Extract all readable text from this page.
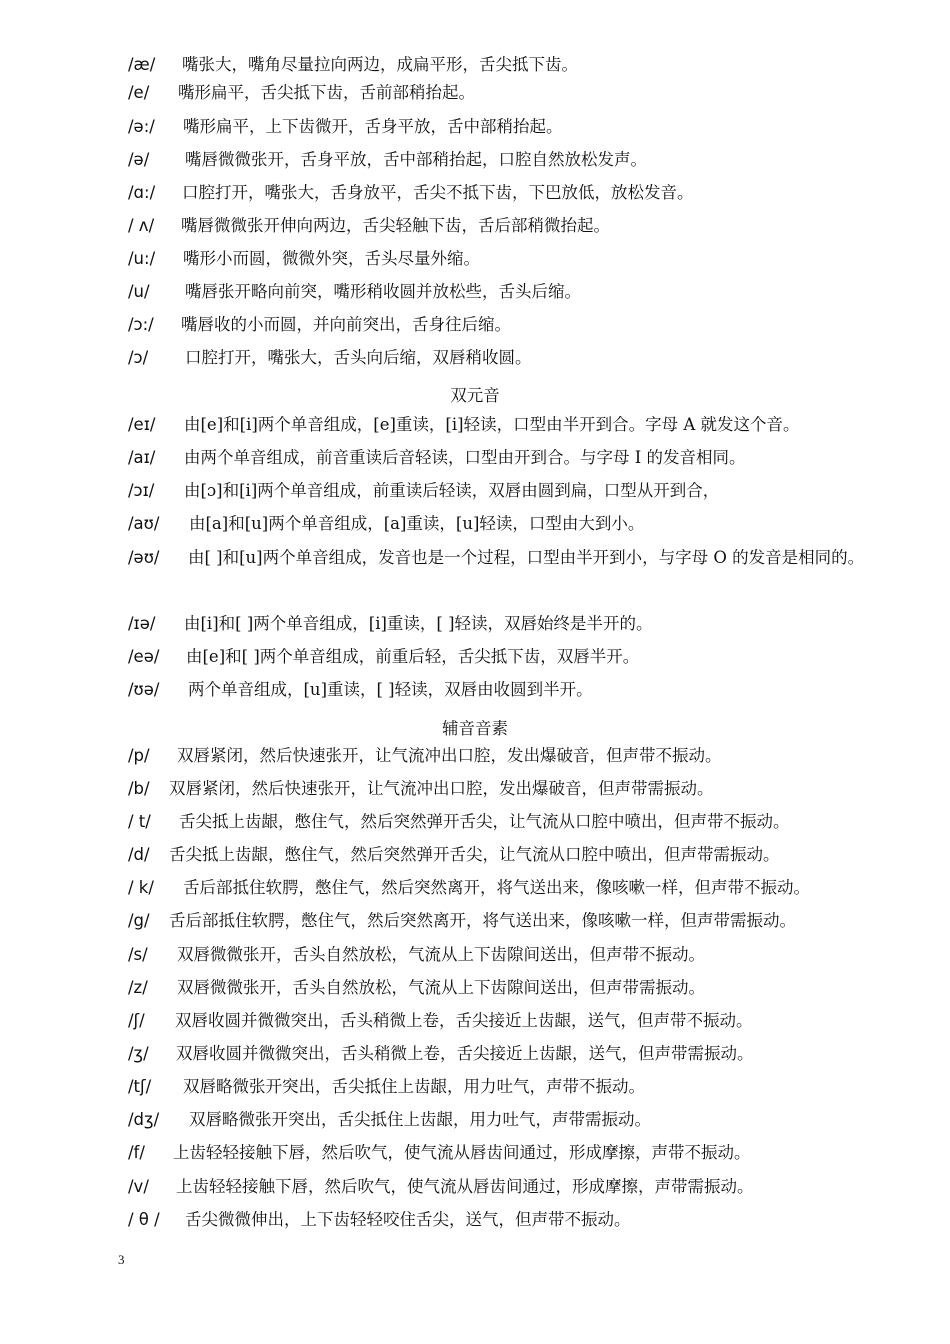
/æ/ 嘴张大，嘴角尽量拉向两边，成扁平形，舌尖抵下齿。
/e/ 嘴形扁平，舌尖抵下齿，舌前部稍抬起。
/ə:/ 嘴形扁平，上下齿微开，舌身平放，舌中部稍抬起。
/ə/ 嘴唇微微张开，舌身平放，舌中部稍抬起，口腔自然放松发声。
/ɑ:/ 口腔打开，嘴张大，舌身放平，舌尖不抵下齿，下巴放低，放松发音。
/ ʌ/ 嘴唇微微张开伸向两边，舌尖轻触下齿，舌后部稍微抬起。
/u:/ 嘴形小而圆，微微外突，舌头尽量外缩。
/u/ 嘴唇张开略向前突，嘴形稍收圆并放松些，舌头后缩。
/ɔ:/ 嘴唇收的小而圆，并向前突出，舌身往后缩。
/ɔ/ 口腔打开，嘴张大，舌头向后缩，双唇稍收圆。
双元音
/eɪ/ 由[e]和[i]两个单音组成，[e]重读，[i]轻读，口型由半开到合。字母 A 就发这个音。
/aɪ/ 由两个单音组成，前音重读后音轻读，口型由开到合。与字母 I 的发音相同。
/ɔɪ/ 由[ɔ]和[i]两个单音组成，前重读后轻读，双唇由圆到扁，口型从开到合，
/aʊ/ 由[a]和[u]两个单音组成，[a]重读，[u]轻读，口型由大到小。
/əʊ/ 由[ ]和[u]两个单音组成，发音也是一个过程，口型由半开到小，与字母 O 的发音是相同的。
/ɪə/ 由[i]和[ ]两个单音组成，[i]重读，[ ]轻读，双唇始终是半开的。
/eə/ 由[e]和[ ]两个单音组成，前重后轻，舌尖抵下齿，双唇半开。
/ʊə/ 两个单音组成，[u]重读，[ ]轻读，双唇由收圆到半开。
辅音音素
/p/ 双唇紧闭，然后快速张开，让气流冲出口腔，发出爆破音，但声带不振动。
/b/ 双唇紧闭，然后快速张开，让气流冲出口腔，发出爆破音，但声带需振动。
/ t/ 舌尖抵上齿龈，憋住气，然后突然弹开舌尖，让气流从口腔中喷出，但声带不振动。
/d/ 舌尖抵上齿龈，憋住气，然后突然弹开舌尖，让气流从口腔中喷出，但声带需振动。
/ k/ 舌后部抵住软腭，憋住气，然后突然离开，将气送出来，像咳嗽一样，但声带不振动。
/g/ 舌后部抵住软腭，憋住气，然后突然离开，将气送出来，像咳嗽一样，但声带需振动。
/s/ 双唇微微张开，舌头自然放松，气流从上下齿隙间送出，但声带不振动。
/z/ 双唇微微张开，舌头自然放松，气流从上下齿隙间送出，但声带需振动。
/ʃ/ 双唇收圆并微微突出，舌头稍微上卷，舌尖接近上齿龈，送气，但声带不振动。
/ʒ/ 双唇收圆并微微突出，舌头稍微上卷，舌尖接近上齿龈，送气，但声带需振动。
/tʃ/ 双唇略微张开突出，舌尖抵住上齿龈，用力吐气，声带不振动。
/dʒ/ 双唇略微张开突出，舌尖抵住上齿龈，用力吐气，声带需振动。
/f/ 上齿轻轻接触下唇，然后吹气，使气流从唇齿间通过，形成摩擦，声带不振动。
/v/ 上齿轻轻接触下唇，然后吹气，使气流从唇齿间通过，形成摩擦，声带需振动。
/ θ / 舌尖微微伸出，上下齿轻轻咬住舌尖，送气，但声带不振动。
3
